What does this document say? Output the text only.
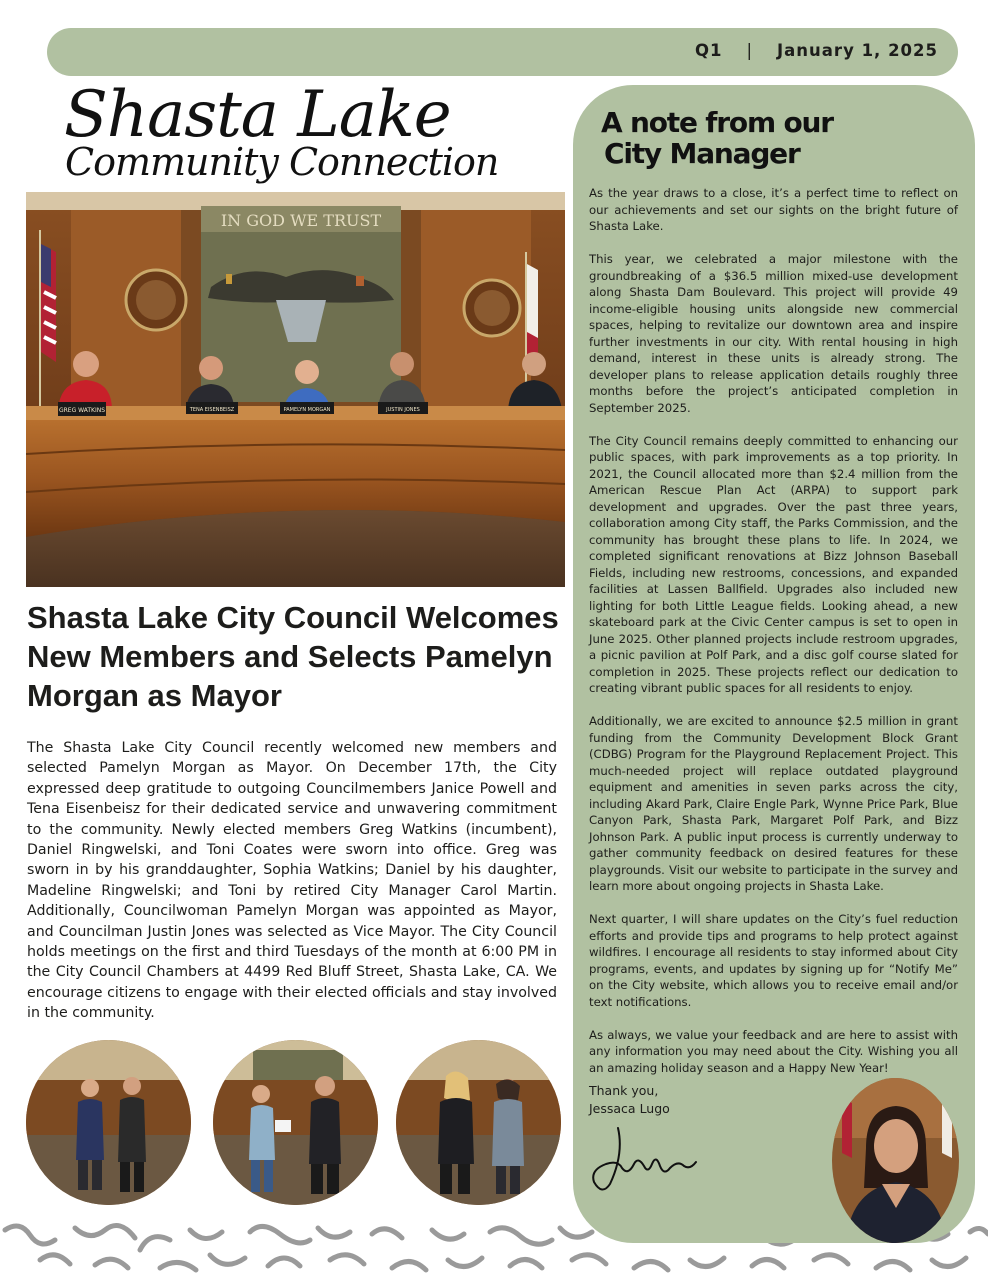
Q1 | January 1, 2025
Shasta Lake
Community Connection
IN GOD WE TRUST
GREG WATKINS	TENA EISENBEISZ	PAMELYN MORGAN	JUSTIN JONES
Shasta Lake City Council Welcomes New Members and Selects Pamelyn Morgan as Mayor

The Shasta Lake City Council recently welcomed new members and selected Pamelyn Morgan as Mayor. On December 17th, the City expressed deep gratitude to outgoing Councilmembers Janice Powell and Tena Eisenbeisz for their dedicated service and unwavering commitment to the community. Newly elected members Greg Watkins (incumbent), Daniel Ringwelski, and Toni Coates were sworn into office. Greg was sworn in by his granddaughter, Sophia Watkins; Daniel by his daughter, Madeline Ringwelski; and Toni by retired City Manager Carol Martin. Additionally, Councilwoman Pamelyn Morgan was appointed as Mayor, and Councilman Justin Jones was selected as Vice Mayor. The City Council holds meetings on the first and third Tuesdays of the month at 6:00 PM in the City Council Chambers at 4499 Red Bluff Street, Shasta Lake, CA. We encourage citizens to engage with their elected officials and stay involved in the community.

A note from our
City Manager

As the year draws to a close, it’s a perfect time to reflect on our achievements and set our sights on the bright future of Shasta Lake.

This year, we celebrated a major milestone with the groundbreaking of a $36.5 million mixed-use development along Shasta Dam Boulevard. This project will provide 49 income-eligible housing units alongside new commercial spaces, helping to revitalize our downtown area and inspire further investments in our city. With rental housing in high demand, interest in these units is already strong. The developer plans to release application details roughly three months before the project’s anticipated completion in September 2025.

The City Council remains deeply committed to enhancing our public spaces, with park improvements as a top priority. In 2021, the Council allocated more than $2.4 million from the American Rescue Plan Act (ARPA) to support park development and upgrades. Over the past three years, collaboration among City staff, the Parks Commission, and the community has brought these plans to life. In 2024, we completed significant renovations at Bizz Johnson Baseball Fields, including new restrooms, concessions, and expanded facilities at Lassen Ballfield. Upgrades also included new lighting for both Little League fields. Looking ahead, a new skateboard park at the Civic Center campus is set to open in June 2025. Other planned projects include restroom upgrades, a picnic pavilion at Polf Park, and a disc golf course slated for completion in 2025. These projects reflect our dedication to creating vibrant public spaces for all residents to enjoy.

Additionally, we are excited to announce $2.5 million in grant funding from the Community Development Block Grant (CDBG) Program for the Playground Replacement Project. This much-needed project will replace outdated playground equipment and amenities in seven parks across the city, including Akard Park, Claire Engle Park, Wynne Price Park, Blue Canyon Park, Shasta Park, Margaret Polf Park, and Bizz Johnson Park. A public input process is currently underway to gather community feedback on desired features for these playgrounds. Visit our website to participate in the survey and learn more about ongoing projects in Shasta Lake.

Next quarter, I will share updates on the City’s fuel reduction efforts and provide tips and programs to help protect against wildfires. I encourage all residents to stay informed about City programs, events, and updates by signing up for “Notify Me” on the City website, which allows you to receive email and/or text notifications.

As always, we value your feedback and are here to assist with any information you may need about the City. Wishing you all an amazing holiday season and a Happy New Year!

Thank you,
Jessaca Lugo
